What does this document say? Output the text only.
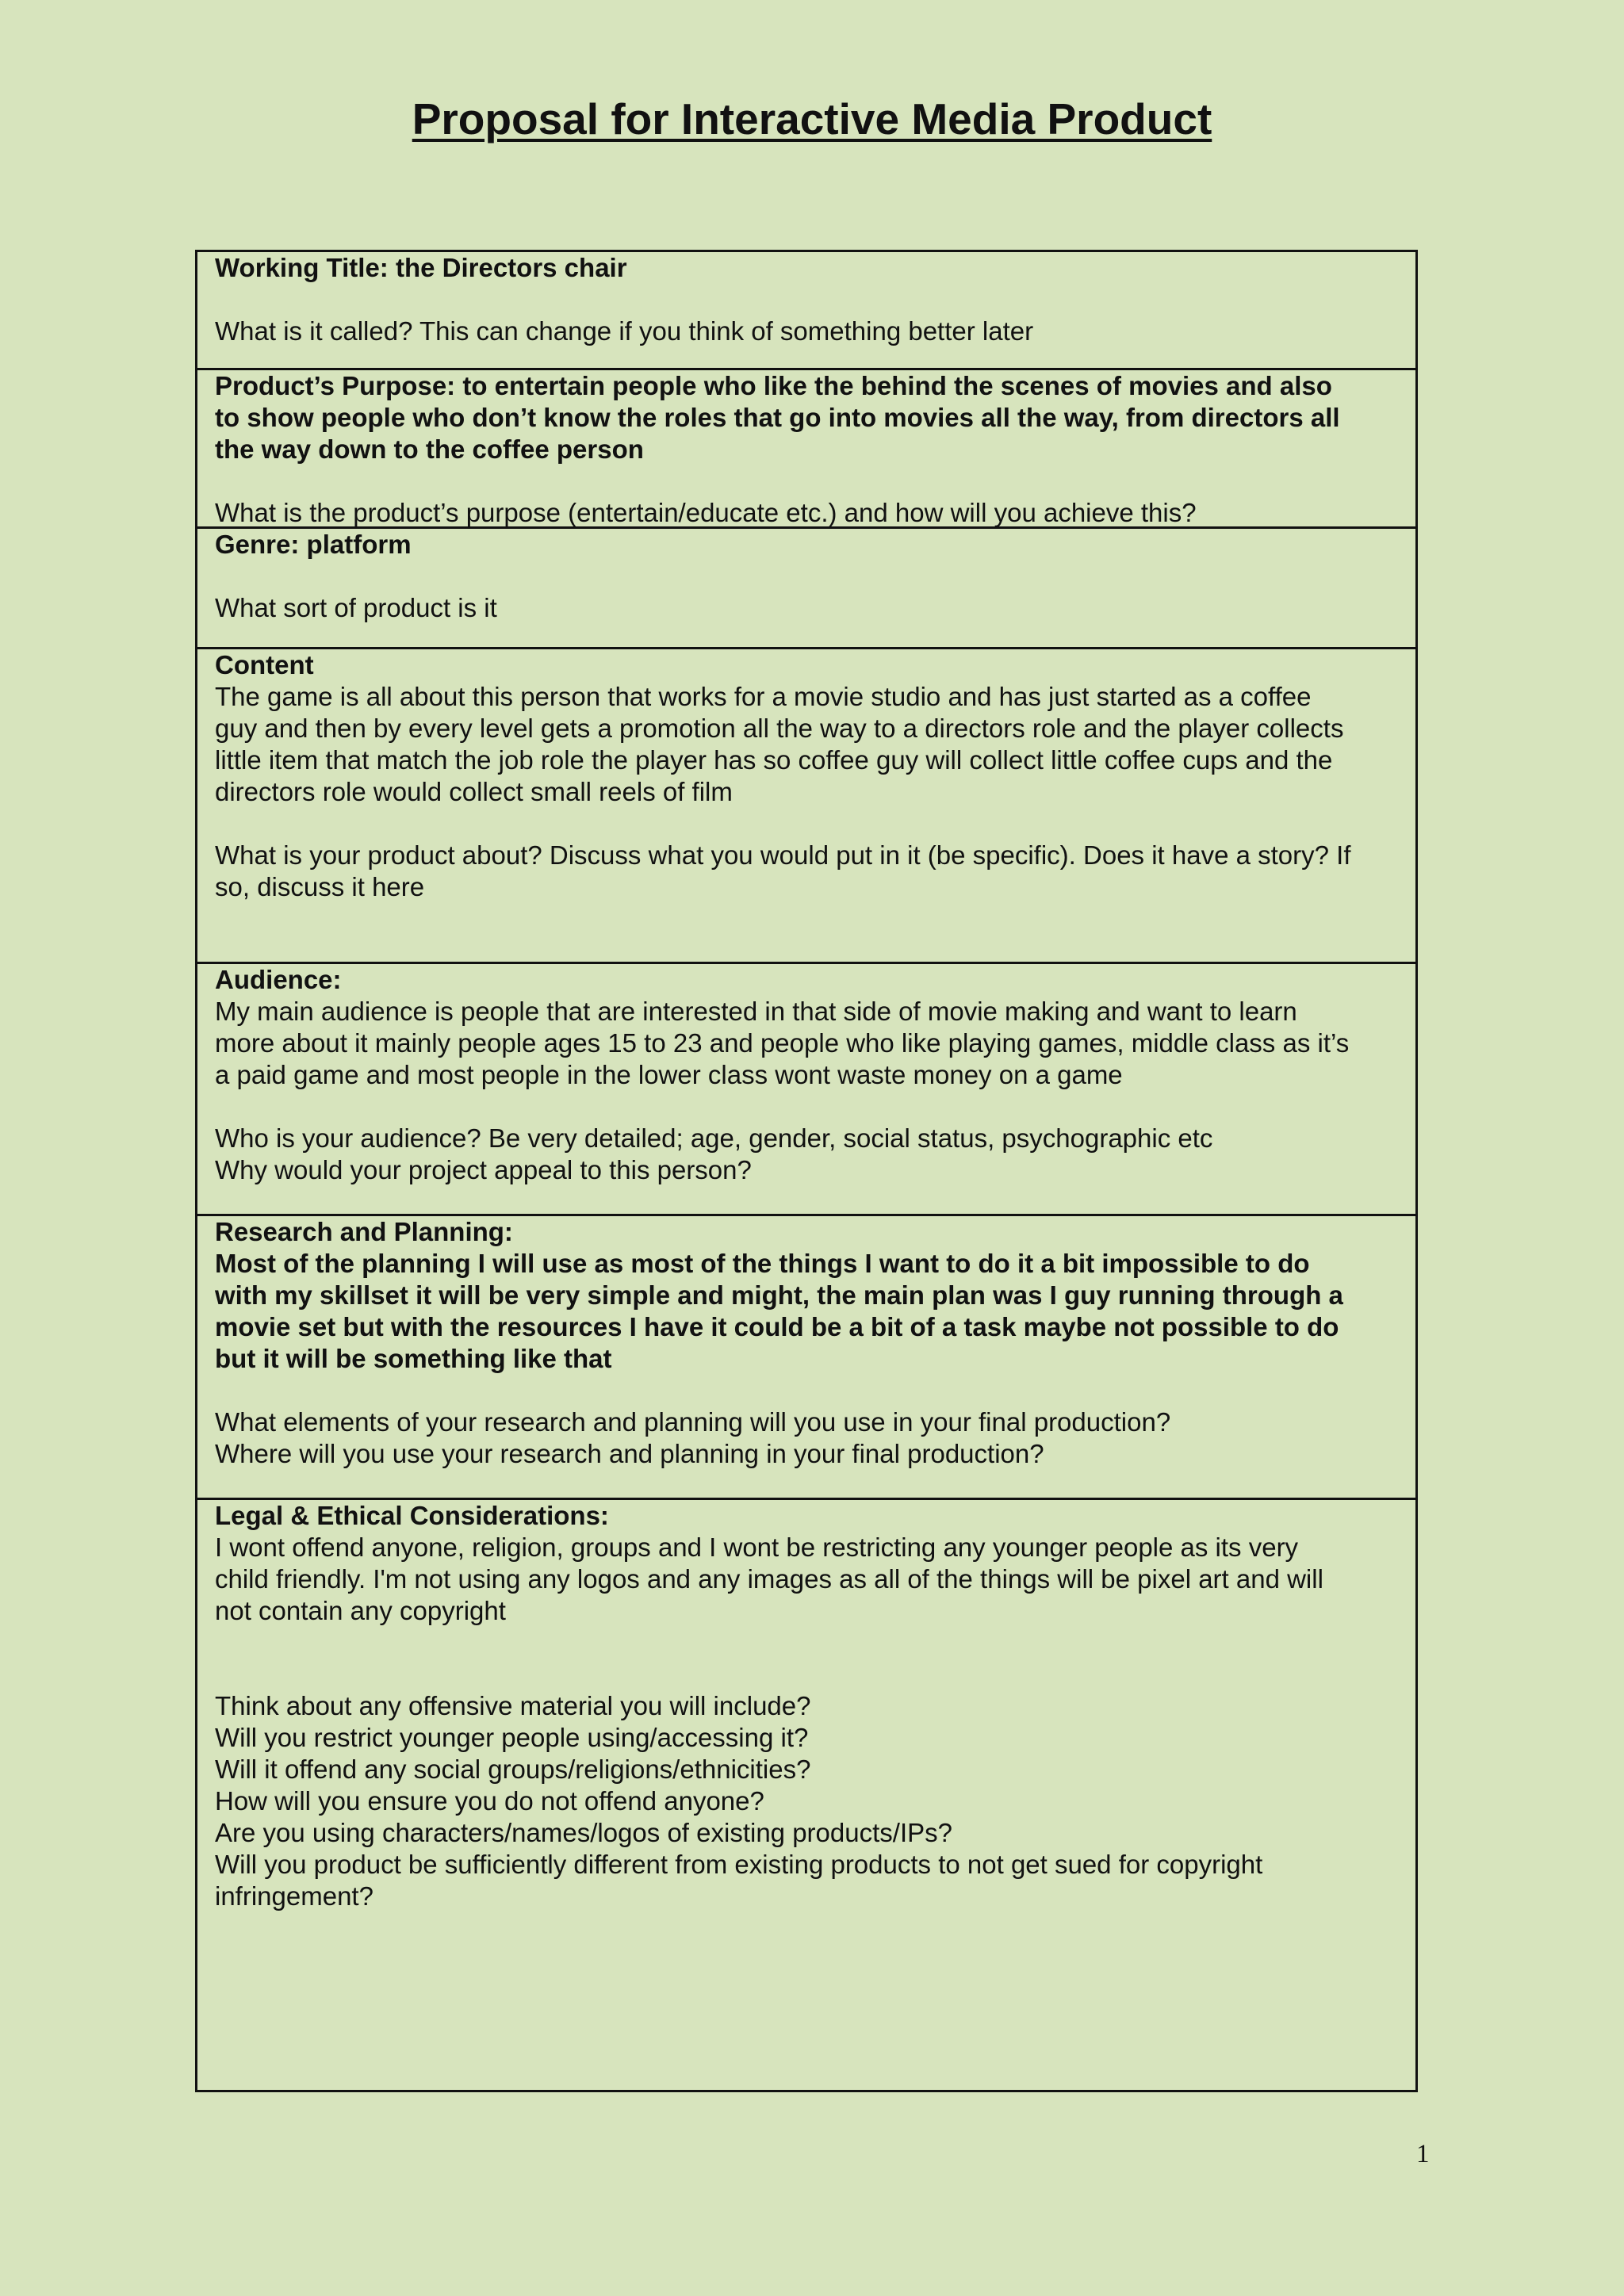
Proposal for Interactive Media Product

Working Title: the Directors chair

What is it called? This can change if you think of something better later

Product’s Purpose: to entertain people who like the behind the scenes of movies and also

to show people who don’t know the roles that go into movies all the way, from directors all

the way down to the coffee person

What is the product’s purpose (entertain/educate etc.) and how will you achieve this?

Genre: platform

What sort of product is it

Content

The game is all about this person that works for a movie studio and has just started as a coffee

guy and then by every level gets a promotion all the way to a directors role and the player collects

little item that match the job role the player has so coffee guy will collect little coffee cups and the

directors role would collect small reels of film

What is your product about? Discuss what you would put in it (be specific). Does it have a story? If

so, discuss it here

Audience:

My main audience is people that are interested in that side of movie making and want to learn

more about it mainly people ages 15 to 23 and people who like playing games, middle class as it’s

a paid game and most people in the lower class wont waste money on a game

Who is your audience? Be very detailed; age, gender, social status, psychographic etc

Why would your project appeal to this person?

Research and Planning:

Most of the planning I will use as most of the things I want to do it a bit impossible to do

with my skillset it will be very simple and might, the main plan was I guy running through a

movie set but with the resources I have it could be a bit of a task maybe not possible to do

but it will be something like that

What elements of your research and planning will you use in your final production?

Where will you use your research and planning in your final production?

Legal & Ethical Considerations:

I wont offend anyone, religion, groups and I wont be restricting any younger people as its very

child friendly. I'm not using any logos and any images as all of the things will be pixel art and will

not contain any copyright

Think about any offensive material you will include?

Will you restrict younger people using/accessing it?

Will it offend any social groups/religions/ethnicities?

How will you ensure you do not offend anyone?

Are you using characters/names/logos of existing products/IPs?

Will you product be sufficiently different from existing products to not get sued for copyright

infringement?

1
